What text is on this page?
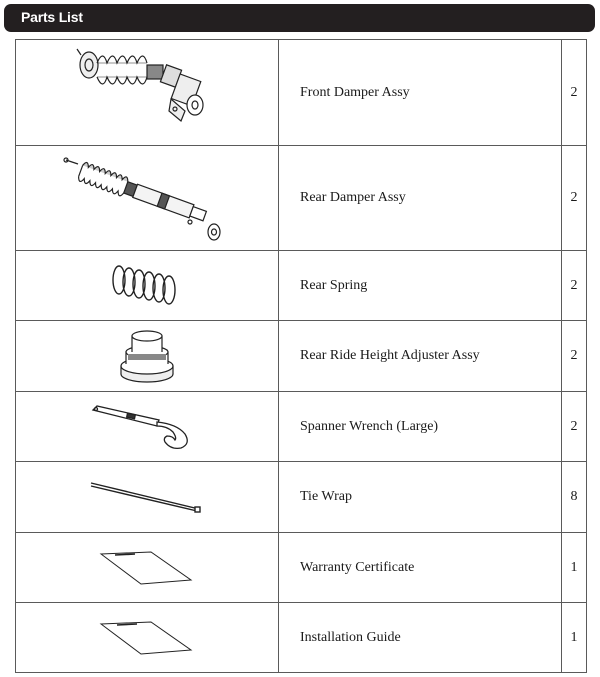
Parts List
	Front Damper Assy	2

	Rear Damper Assy	2

	Rear Spring	2

	Rear Ride Height Adjuster Assy	2

	Spanner Wrench (Large)	2

	Tie Wrap	8

	Warranty Certificate	1

	Installation Guide	1
